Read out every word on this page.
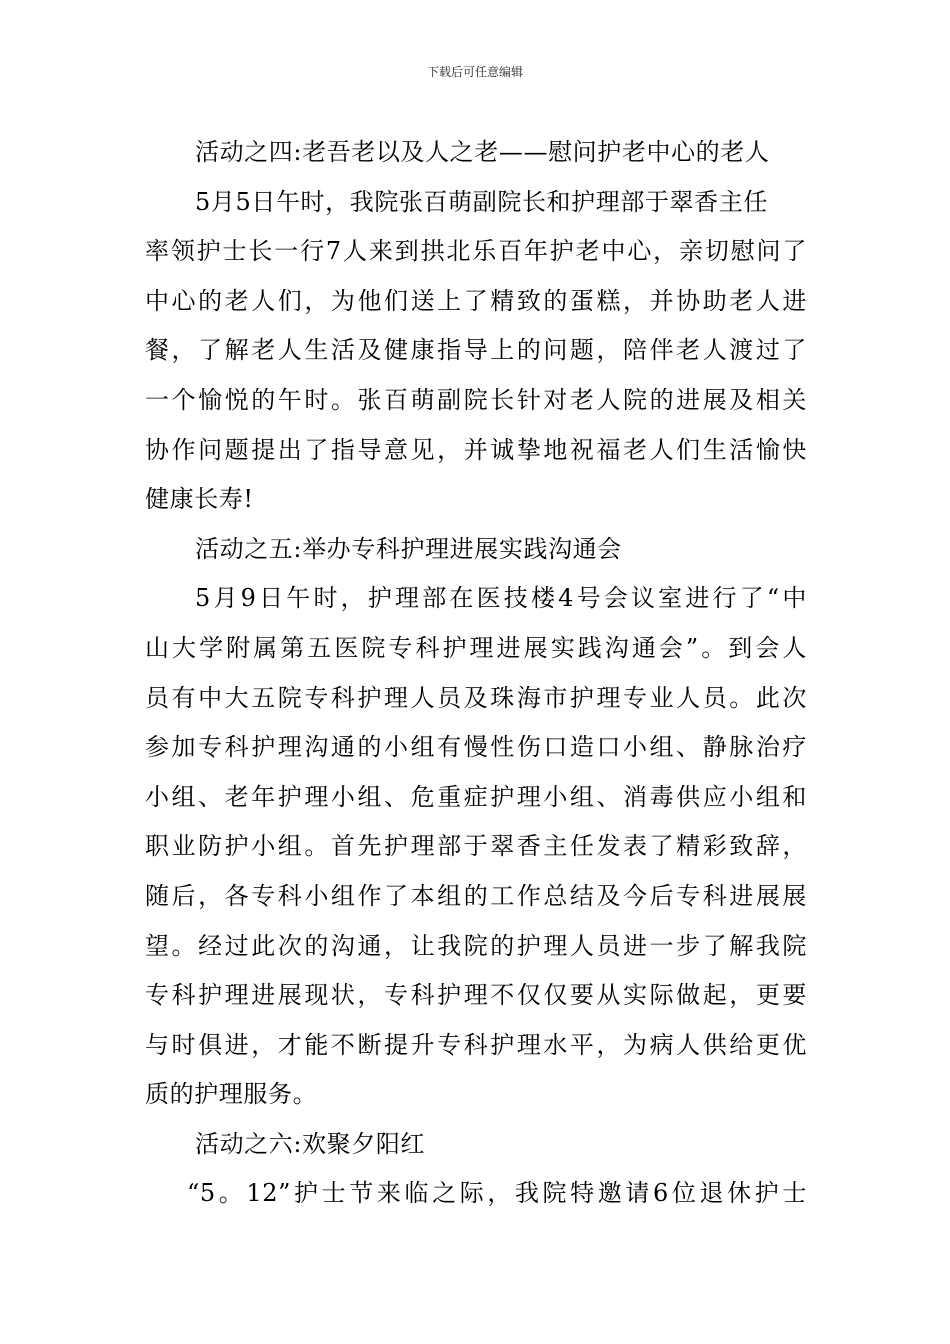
下载后可任意编辑
活动之四:老吾老以及人之老——慰问护老中心的老人
5月5日午时，我院张百萌副院长和护理部于翠香主任
率领护士长一行7人来到拱北乐百年护老中心，亲切慰问了
中心的老人们，为他们送上了精致的蛋糕，并协助老人进
餐，了解老人生活及健康指导上的问题，陪伴老人渡过了
一个愉悦的午时。张百萌副院长针对老人院的进展及相关
协作问题提出了指导意见，并诚挚地祝福老人们生活愉快
健康长寿!
活动之五:举办专科护理进展实践沟通会
5月9日午时，护理部在医技楼4号会议室进行了“中
山大学附属第五医院专科护理进展实践沟通会”。到会人
员有中大五院专科护理人员及珠海市护理专业人员。此次
参加专科护理沟通的小组有慢性伤口造口小组、静脉治疗
小组、老年护理小组、危重症护理小组、消毒供应小组和
职业防护小组。首先护理部于翠香主任发表了精彩致辞，
随后，各专科小组作了本组的工作总结及今后专科进展展
望。经过此次的沟通，让我院的护理人员进一步了解我院
专科护理进展现状，专科护理不仅仅要从实际做起，更要
与时俱进，才能不断提升专科护理水平，为病人供给更优
质的护理服务。
活动之六:欢聚夕阳红
“5。12”护士节来临之际，我院特邀请6位退休护士
